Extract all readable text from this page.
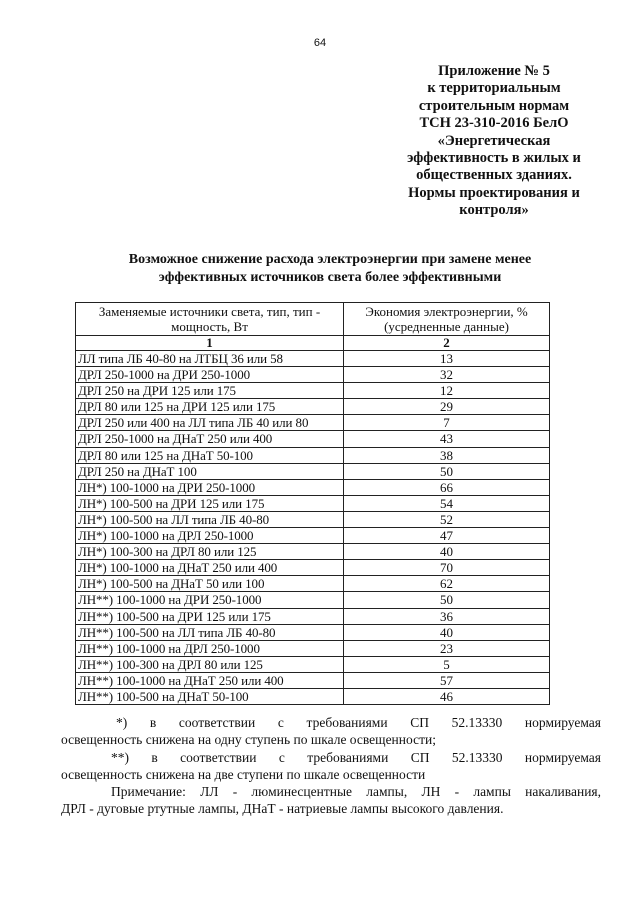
64
Приложение № 5
к территориальным
строительным нормам
ТСН 23-310-2016 БелО
«Энергетическая
эффективность в жилых и
общественных зданиях.
Нормы проектирования и
контроля»
Возможное снижение расхода электроэнергии при замене менее
эффективных источников света более эффективными
Заменяемые источники света, тип, тип -
мощность, Вт	Экономия электроэнергии, %
(усредненные данные)
1	2
ЛЛ типа ЛБ 40-80 на ЛТБЦ 36 или 58	13
ДРЛ 250-1000 на ДРИ 250-1000	32
ДРЛ 250 на ДРИ 125 или 175	12
ДРЛ 80 или 125 на ДРИ 125 или 175	29
ДРЛ 250 или 400 на ЛЛ типа ЛБ 40 или 80	7
ДРЛ 250-1000 на ДНаТ 250 или 400	43
ДРЛ 80 или 125 на ДНаТ 50-100	38
ДРЛ 250 на ДНаТ 100	50
ЛН*) 100-1000 на ДРИ 250-1000	66
ЛН*) 100-500 на ДРИ 125 или 175	54
ЛН*) 100-500 на ЛЛ типа ЛБ 40-80	52
ЛН*) 100-1000 на ДРЛ 250-1000	47
ЛН*) 100-300 на ДРЛ 80 или 125	40
ЛН*) 100-1000 на ДНаТ 250 или 400	70
ЛН*) 100-500 на ДНаТ 50 или 100	62
ЛН**) 100-1000 на ДРИ 250-1000	50
ЛН**) 100-500 на ДРИ 125 или 175	36
ЛН**) 100-500 на ЛЛ типа ЛБ 40-80	40
ЛН**) 100-1000 на ДРЛ 250-1000	23
ЛН**) 100-300 на ДРЛ 80 или 125	5
ЛН**) 100-1000 на ДНаТ 250 или 400	57
ЛН**) 100-500 на ДНаТ 50-100	46

*) в соответствии с требованиями СП 52.13330 нормируемая

освещенность снижена на одну ступень по шкале освещенности;

**) в соответствии с требованиями СП 52.13330 нормируемая

освещенность снижена на две ступени по шкале освещенности

Примечание: ЛЛ - люминесцентные лампы, ЛН - лампы накаливания,

ДРЛ - дуговые ртутные лампы, ДНаТ - натриевые лампы высокого давления.
